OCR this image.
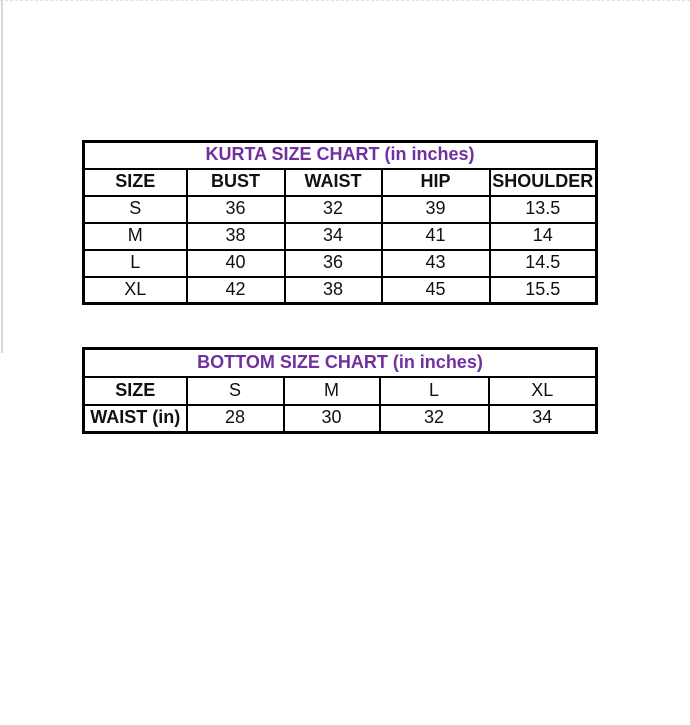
KURTA SIZE CHART (in inches)				
SIZE	BUST	WAIST	HIP	SHOULDER
S	36	32	39	13.5
M	38	34	41	14
L	40	36	43	14.5
XL	42	38	45	15.5
BOTTOM SIZE CHART (in inches)				
SIZE	S	M	L	XL
WAIST (in)	28	30	32	34
